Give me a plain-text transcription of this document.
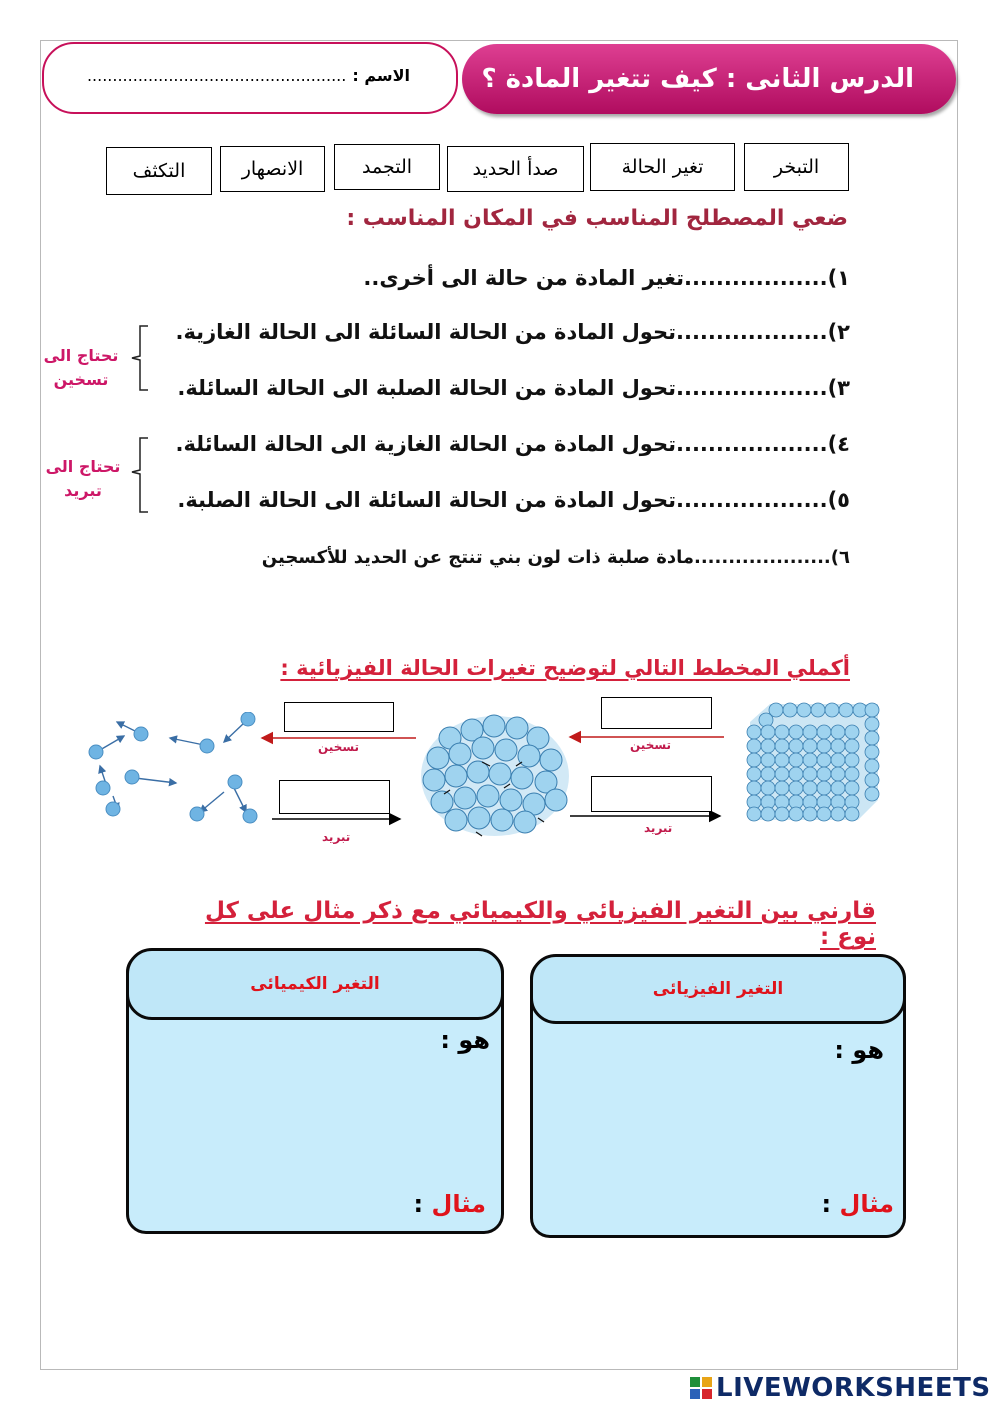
الدرس الثانى : كيف تتغير المادة ؟
الاسم :...................................................
التبخر
تغير الحالة
صدأ الحديد
التجمد
الانصهار
التكثف
ضعي المصطلح المناسب في المكان المناسب :
١)..................تغير المادة من حالة الى أخرى..
٢)...................تحول المادة من الحالة السائلة الى الحالة الغازية.
٣)...................تحول المادة من الحالة الصلبة الى الحالة السائلة.
٤)...................تحول المادة من الحالة الغازية الى الحالة السائلة.
٥)...................تحول المادة من الحالة السائلة الى الحالة الصلبة.
٦)....................مادة صلبة ذات لون بني تنتج عن الحديد للأكسجين
تحتاج الى
تسخين
تحتاج الى
تبريد
أكملي المخطط التالي لتوضيح تغيرات الحالة الفيزيائية :
تسخين	تسخين
تبريد
تبريد
قارني بين التغير الفيزيائي والكيميائي مع ذكر مثال على كل نوع :
التغير الكيميائى
هو :
مثال :
التغير الفيزيائى
هو :
مثال :
LIVEWORKSHEETS
